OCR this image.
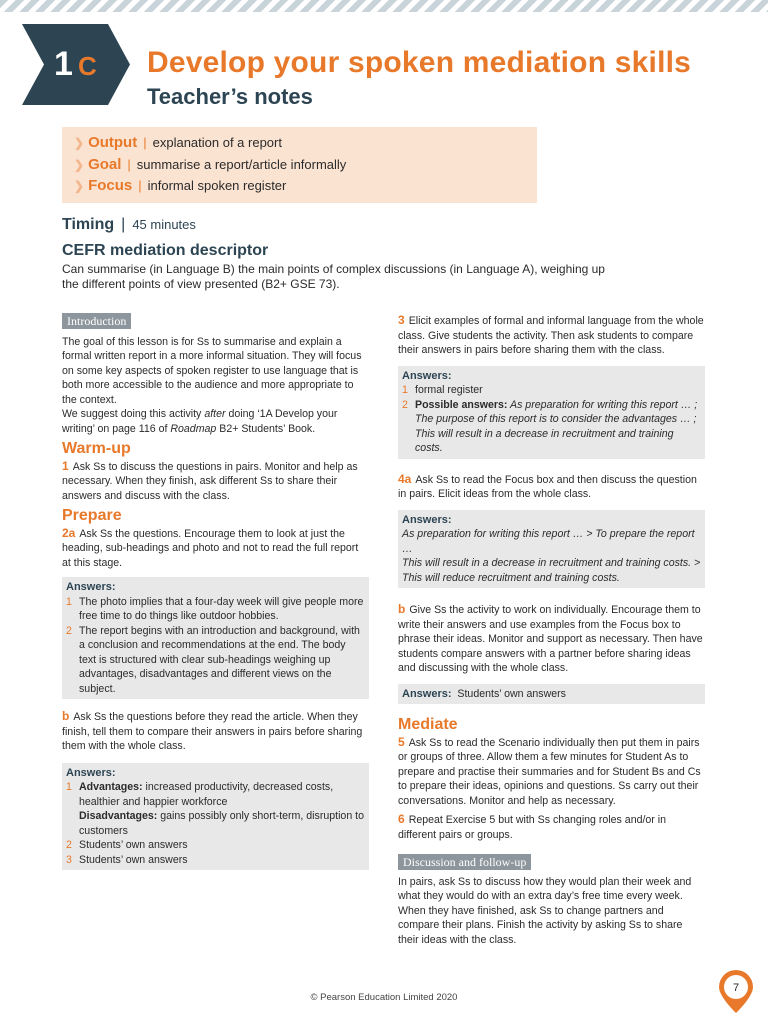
1 C Develop your spoken mediation skills
Teacher’s notes
❯ Output | explanation of a report
❯ Goal | summarise a report/article informally
❯ Focus | informal spoken register
Timing | 45 minutes
CEFR mediation descriptor
Can summarise (in Language B) the main points of complex discussions (in Language A), weighing up the different points of view presented (B2+ GSE 73).
Introduction

The goal of this lesson is for Ss to summarise and explain a formal written report in a more informal situation. They will focus on some key aspects of spoken register to use language that is both more accessible to the audience and more appropriate to the context.

We suggest doing this activity after doing ‘1A Develop your writing’ on page 116 of Roadmap B2+ Students’ Book.

Warm-up

1 Ask Ss to discuss the questions in pairs. Monitor and help as necessary. When they finish, ask different Ss to share their answers and discuss with the class.

Prepare

2a Ask Ss the questions. Encourage them to look at just the heading, sub-headings and photo and not to read the full report at this stage.

Answers:
1 The photo implies that a four-day week will give people more free time to do things like outdoor hobbies.
2 The report begins with an introduction and background, with a conclusion and recommendations at the end. The body text is structured with clear sub-headings weighing up advantages, disadvantages and different views on the subject.

b Ask Ss the questions before they read the article. When they finish, tell them to compare their answers in pairs before sharing them with the whole class.

Answers:
1 Advantages: increased productivity, decreased costs, healthier and happier workforce
Disadvantages: gains possibly only short-term, disruption to customers
2 Students’ own answers
3 Students’ own answers

3 Elicit examples of formal and informal language from the whole class. Give students the activity. Then ask students to compare their answers in pairs before sharing them with the class.

Answers:
1 formal register
2 Possible answers: As preparation for writing this report … ;
The purpose of this report is to consider the advantages … ;
This will result in a decrease in recruitment and training costs.

4a Ask Ss to read the Focus box and then discuss the question in pairs. Elicit ideas from the whole class.

Answers:
As preparation for writing this report … > To prepare the report …
This will result in a decrease in recruitment and training costs. > This will reduce recruitment and training costs.

b Give Ss the activity to work on individually. Encourage them to write their answers and use examples from the Focus box to phrase their ideas. Monitor and support as necessary. Then have students compare answers with a partner before sharing ideas and discussing with the whole class.

Answers: Students’ own answers
Mediate

5 Ask Ss to read the Scenario individually then put them in pairs or groups of three. Allow them a few minutes for Student As to prepare and practise their summaries and for Student Bs and Cs to prepare their ideas, opinions and questions. Ss carry out their conversations. Monitor and help as necessary.

6 Repeat Exercise 5 but with Ss changing roles and/or in different pairs or groups.

Discussion and follow-up

In pairs, ask Ss to discuss how they would plan their week and what they would do with an extra day’s free time every week. When they have finished, ask Ss to change partners and compare their plans. Finish the activity by asking Ss to share their ideas with the class.

© Pearson Education Limited 2020
7
